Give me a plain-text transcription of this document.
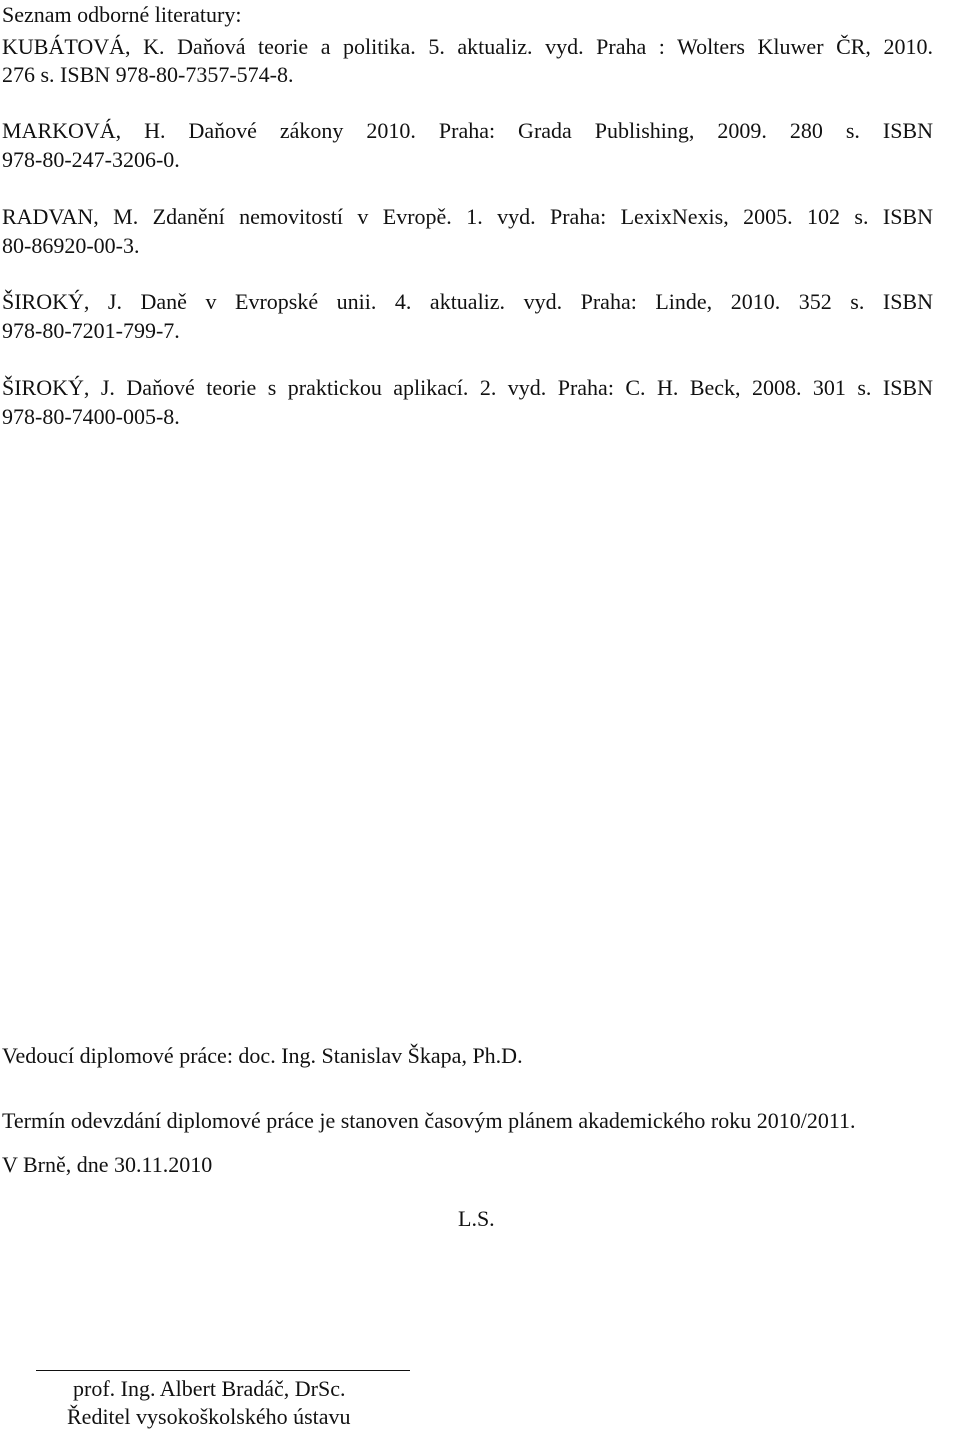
Seznam odborné literatury:
KUBÁTOVÁ, K. Daňová teorie a politika. 5. aktualiz. vyd. Praha : Wolters Kluwer ČR, 2010.
276 s. ISBN 978-80-7357-574-8.
MARKOVÁ, H. Daňové zákony 2010. Praha: Grada Publishing, 2009. 280 s. ISBN
978-80-247-3206-0.
RADVAN, M. Zdanění nemovitostí v Evropě. 1. vyd. Praha: LexixNexis, 2005. 102 s. ISBN
80-86920-00-3.
ŠIROKÝ, J. Daně v Evropské unii. 4. aktualiz. vyd. Praha: Linde, 2010. 352 s. ISBN
978-80-7201-799-7.
ŠIROKÝ, J. Daňové teorie s praktickou aplikací. 2. vyd. Praha: C. H. Beck, 2008. 301 s. ISBN
978-80-7400-005-8.
Vedoucí diplomové práce: doc. Ing. Stanislav Škapa, Ph.D.
Termín odevzdání diplomové práce je stanoven časovým plánem akademického roku 2010/2011.
V Brně, dne 30.11.2010
L.S.
prof. Ing. Albert Bradáč, DrSc.
Ředitel vysokoškolského ústavu
